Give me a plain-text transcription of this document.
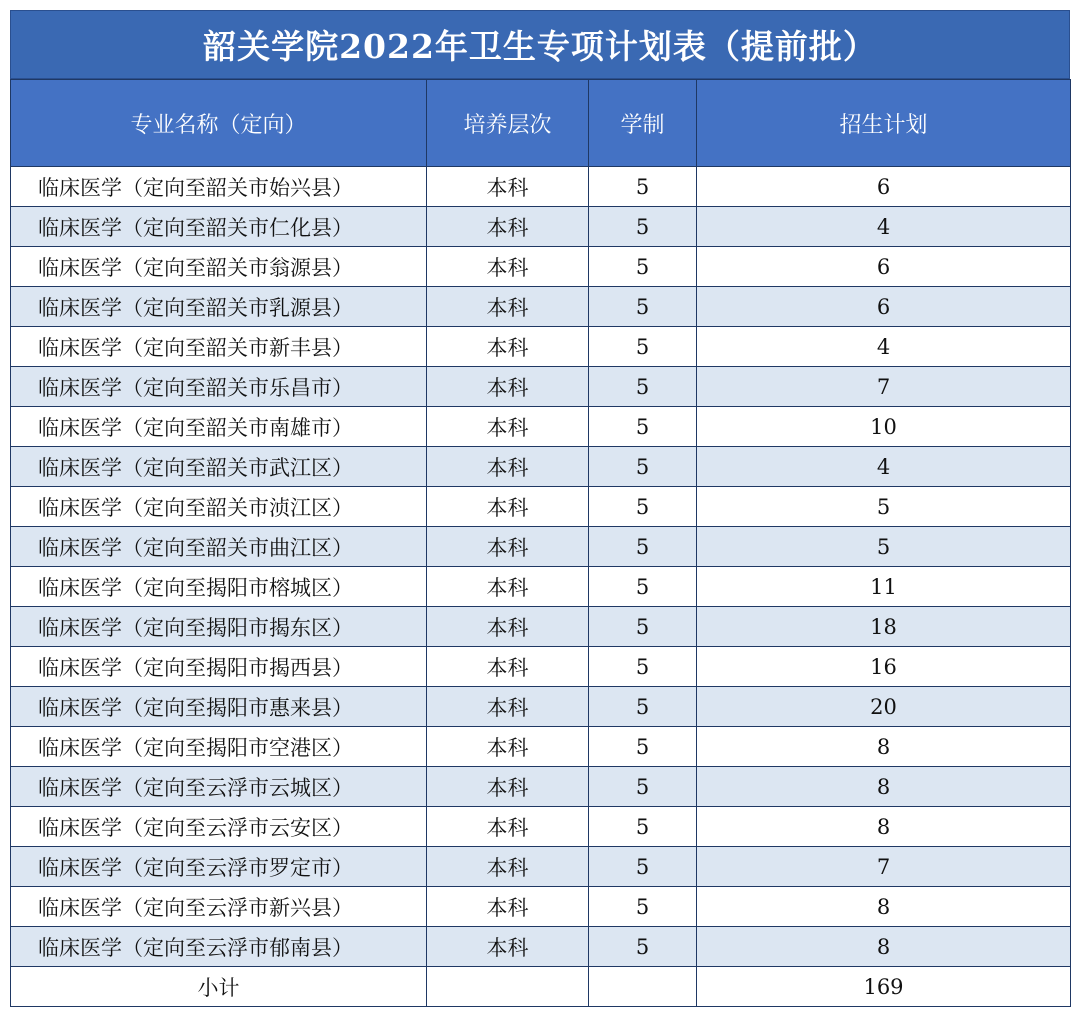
韶关学院2022年卫生专项计划表（提前批）
专业名称（定向）	培养层次	学制	招生计划
临床医学（定向至韶关市始兴县）	本科	5	6
临床医学（定向至韶关市仁化县）	本科	5	4
临床医学（定向至韶关市翁源县）	本科	5	6
临床医学（定向至韶关市乳源县）	本科	5	6
临床医学（定向至韶关市新丰县）	本科	5	4
临床医学（定向至韶关市乐昌市）	本科	5	7
临床医学（定向至韶关市南雄市）	本科	5	10
临床医学（定向至韶关市武江区）	本科	5	4
临床医学（定向至韶关市浈江区）	本科	5	5
临床医学（定向至韶关市曲江区）	本科	5	5
临床医学（定向至揭阳市榕城区）	本科	5	11
临床医学（定向至揭阳市揭东区）	本科	5	18
临床医学（定向至揭阳市揭西县）	本科	5	16
临床医学（定向至揭阳市惠来县）	本科	5	20
临床医学（定向至揭阳市空港区）	本科	5	8
临床医学（定向至云浮市云城区）	本科	5	8
临床医学（定向至云浮市云安区）	本科	5	8
临床医学（定向至云浮市罗定市）	本科	5	7
临床医学（定向至云浮市新兴县）	本科	5	8
临床医学（定向至云浮市郁南县）	本科	5	8
小计			169
